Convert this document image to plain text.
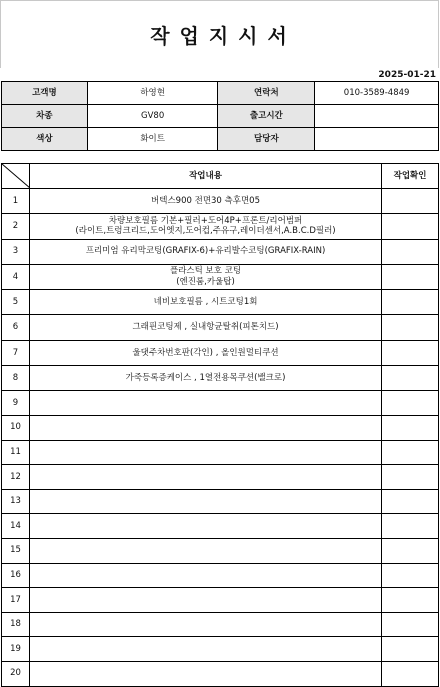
작업지시서
2025-01-21
고객명	하영현	연락처	010-3589-4849
차종	GV80	출고시간	
색상	화이트	담당자	
	작업내용	작업확인
1	버텍스900 전면30 측후면05	

2	차량보호필름 기본+필러+도어4P+프론트/리어범퍼
(라이트,트렁크리드,도어엣지,도어컵,주유구,레이더센서,A.B.C.D필러)	

3	프리미엄 유리막코팅(GRAFIX-6)+유리발수코팅(GRAFIX-RAIN)	

4	플라스틱 보호 코팅
(엔진룸,카울탑)	

5	네비보호필름 , 시트코팅1회	

6	그래핀코팅제 , 실내항균탈취(피톤치드)	

7	울댓주차번호판(각인) , 올인원멀티쿠션	

8	가죽등록증케이스 , 1열전용목쿠션(밸크로)	

9	

10	

11	

12	

13	

14	

15	

16	

17	

18	

19	

20	
